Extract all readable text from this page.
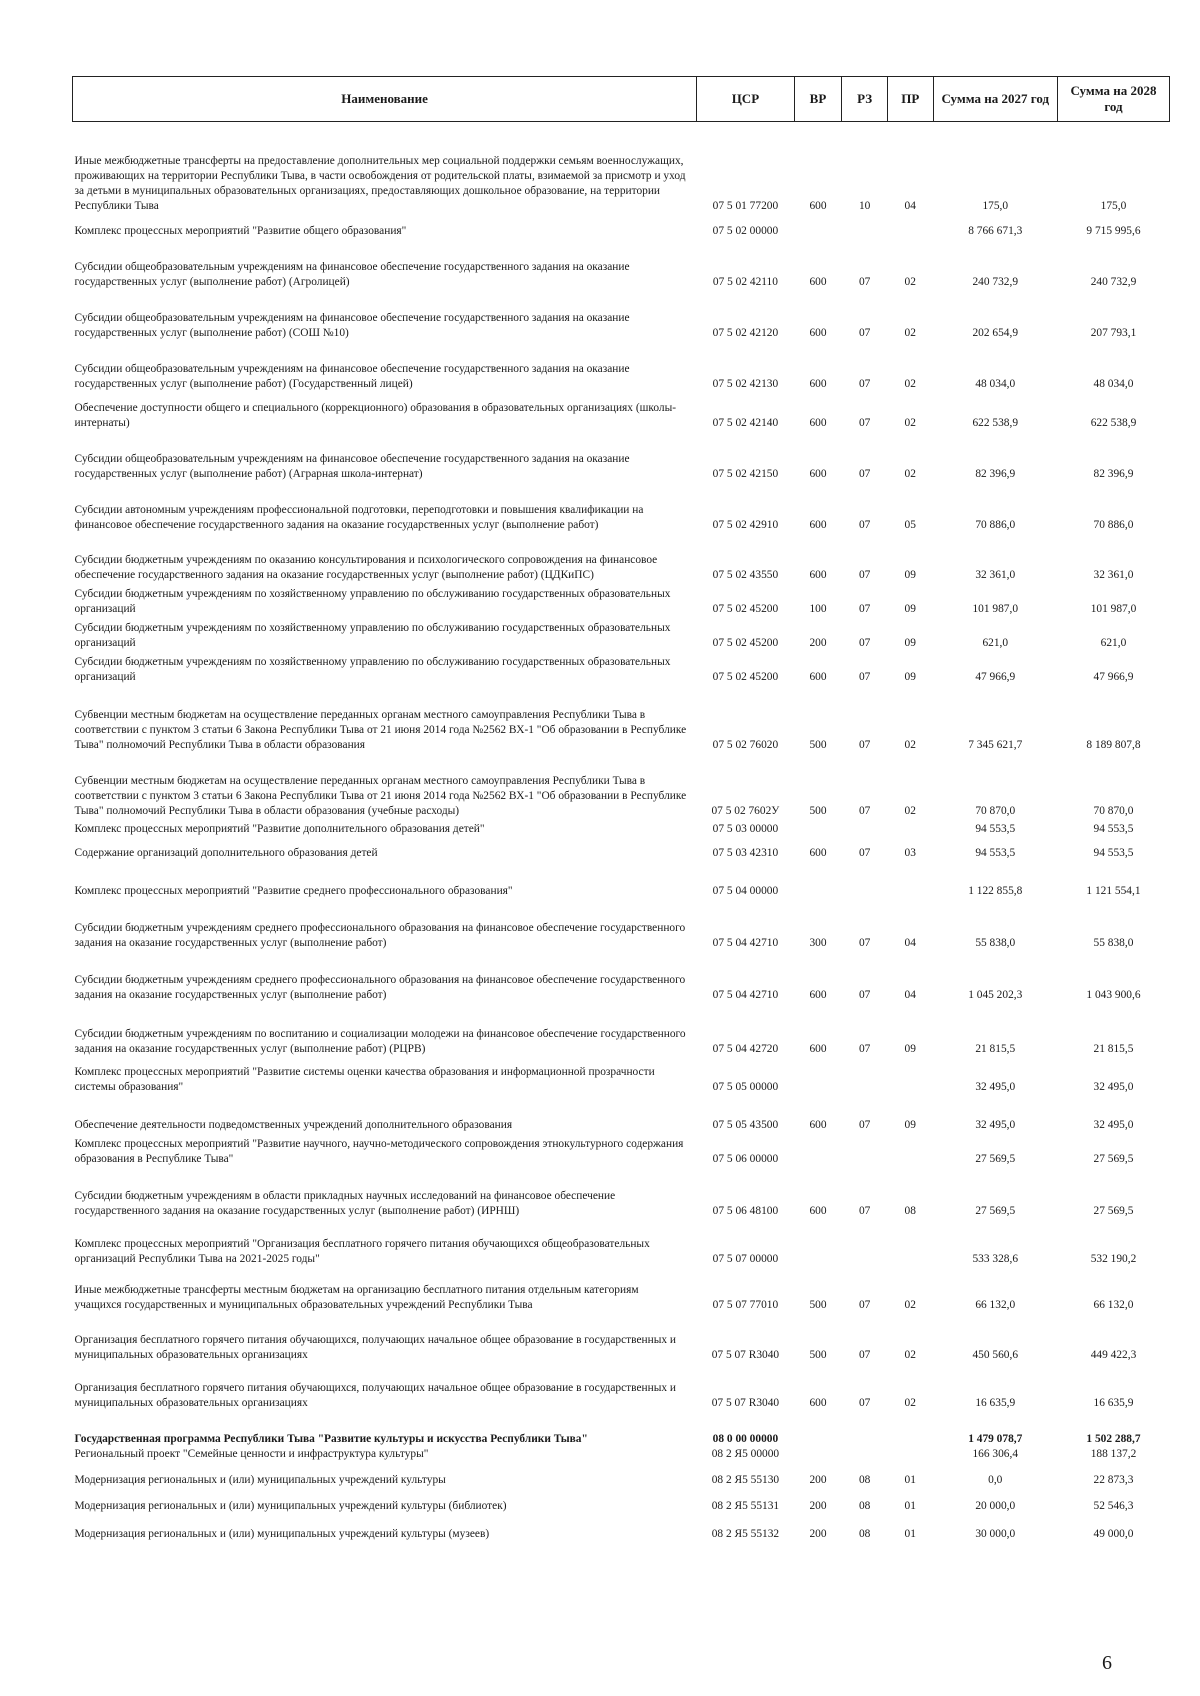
Наименование	ЦСР	ВР	РЗ	ПР	Сумма на 2027 год	Сумма на 2028 год
Иные межбюджетные трансферты на предоставление дополнительных мер социальной поддержки семьям военнослужащих, проживающих на территории Республики Тыва, в части освобождения от родительской платы, взимаемой за присмотр и уход за детьми в муниципальных образовательных организациях, предоставляющих дошкольное образование, на территории Республики Тыва	07 5 01 77200	600	10	04	175,0	175,0
Комплекс процессных мероприятий "Развитие общего образования"	07 5 02 00000				8 766 671,3	9 715 995,6
Субсидии общеобразовательным учреждениям на финансовое обеспечение государственного задания на оказание государственных услуг (выполнение работ) (Агролицей)	07 5 02 42110	600	07	02	240 732,9	240 732,9
Субсидии общеобразовательным учреждениям на финансовое обеспечение государственного задания на оказание государственных услуг (выполнение работ) (СОШ №10)	07 5 02 42120	600	07	02	202 654,9	207 793,1
Субсидии общеобразовательным учреждениям на финансовое обеспечение государственного задания на оказание государственных услуг (выполнение работ) (Государственный лицей)	07 5 02 42130	600	07	02	48 034,0	48 034,0
Обеспечение доступности общего и специального (коррекционного) образования в образовательных организациях (школы-интернаты)	07 5 02 42140	600	07	02	622 538,9	622 538,9
Субсидии общеобразовательным учреждениям на финансовое обеспечение государственного задания на оказание государственных услуг (выполнение работ) (Аграрная школа-интернат)	07 5 02 42150	600	07	02	82 396,9	82 396,9
Субсидии автономным учреждениям профессиональной подготовки, переподготовки и повышения квалификации на финансовое обеспечение государственного задания на оказание государственных услуг (выполнение работ)	07 5 02 42910	600	07	05	70 886,0	70 886,0
Субсидии бюджетным учреждениям по оказанию консультирования и психологического сопровождения на финансовое обеспечение государственного задания на оказание государственных услуг (выполнение работ) (ЦДКиПС)	07 5 02 43550	600	07	09	32 361,0	32 361,0
Субсидии бюджетным учреждениям по хозяйственному управлению по обслуживанию государственных образовательных организаций	07 5 02 45200	100	07	09	101 987,0	101 987,0
Субсидии бюджетным учреждениям по хозяйственному управлению по обслуживанию государственных образовательных организаций	07 5 02 45200	200	07	09	621,0	621,0
Субсидии бюджетным учреждениям по хозяйственному управлению по обслуживанию государственных образовательных организаций	07 5 02 45200	600	07	09	47 966,9	47 966,9
Субвенции местным бюджетам на осуществление переданных органам местного самоуправления Республики Тыва в соответствии с пунктом 3 статьи 6 Закона Республики Тыва от 21 июня 2014 года №2562 ВХ-1 "Об образовании в Республике Тыва" полномочий Республики Тыва в области образования	07 5 02 76020	500	07	02	7 345 621,7	8 189 807,8
Субвенции местным бюджетам на осуществление переданных органам местного самоуправления Республики Тыва в соответствии с пунктом 3 статьи 6 Закона Республики Тыва от 21 июня 2014 года №2562 ВХ-1 "Об образовании в Республике Тыва" полномочий Республики Тыва в области образования (учебные расходы)	07 5 02 7602У	500	07	02	70 870,0	70 870,0
Комплекс процессных мероприятий "Развитие дополнительного образования детей"	07 5 03 00000				94 553,5	94 553,5
Содержание организаций дополнительного образования детей	07 5 03 42310	600	07	03	94 553,5	94 553,5
Комплекс процессных мероприятий "Развитие среднего профессионального образования"	07 5 04 00000				1 122 855,8	1 121 554,1
Субсидии бюджетным учреждениям среднего профессионального образования на финансовое обеспечение государственного задания на оказание государственных услуг (выполнение работ)	07 5 04 42710	300	07	04	55 838,0	55 838,0
Субсидии бюджетным учреждениям среднего профессионального образования на финансовое обеспечение государственного задания на оказание государственных услуг (выполнение работ)	07 5 04 42710	600	07	04	1 045 202,3	1 043 900,6
Субсидии бюджетным учреждениям по воспитанию и социализации молодежи на финансовое обеспечение государственного задания на оказание государственных услуг (выполнение работ) (РЦРВ)	07 5 04 42720	600	07	09	21 815,5	21 815,5
Комплекс процессных мероприятий "Развитие системы оценки качества образования и информационной прозрачности системы образования"	07 5 05 00000				32 495,0	32 495,0
Обеспечение деятельности подведомственных учреждений дополнительного образования	07 5 05 43500	600	07	09	32 495,0	32 495,0
Комплекс процессных мероприятий "Развитие научного, научно-методического сопровождения этнокультурного содержания образования в Республике Тыва"	07 5 06 00000				27 569,5	27 569,5
Субсидии бюджетным учреждениям в области прикладных научных исследований на финансовое обеспечение государственного задания на оказание государственных услуг (выполнение работ) (ИРНШ)	07 5 06 48100	600	07	08	27 569,5	27 569,5
Комплекс процессных мероприятий "Организация бесплатного горячего питания обучающихся общеобразовательных организаций Республики Тыва на 2021-2025 годы"	07 5 07 00000				533 328,6	532 190,2
Иные межбюджетные трансферты местным бюджетам на организацию бесплатного питания отдельным категориям учащихся государственных и муниципальных образовательных учреждений Республики Тыва	07 5 07 77010	500	07	02	66 132,0	66 132,0
Организация бесплатного горячего питания обучающихся, получающих начальное общее образование в государственных и муниципальных образовательных организациях	07 5 07 R3040	500	07	02	450 560,6	449 422,3
Организация бесплатного горячего питания обучающихся, получающих начальное общее образование в государственных и муниципальных образовательных организациях	07 5 07 R3040	600	07	02	16 635,9	16 635,9
Государственная программа Республики Тыва "Развитие культуры и искусства Республики Тыва"	08 0 00 00000				1 479 078,7	1 502 288,7
Региональный проект "Семейные ценности и инфраструктура культуры"	08 2 Я5 00000				166 306,4	188 137,2
Модернизация региональных и (или) муниципальных учреждений культуры	08 2 Я5 55130	200	08	01	0,0	22 873,3
Модернизация региональных и (или) муниципальных учреждений культуры (библиотек)	08 2 Я5 55131	200	08	01	20 000,0	52 546,3
Модернизация региональных и (или) муниципальных учреждений культуры (музеев)	08 2 Я5 55132	200	08	01	30 000,0	49 000,0
6
